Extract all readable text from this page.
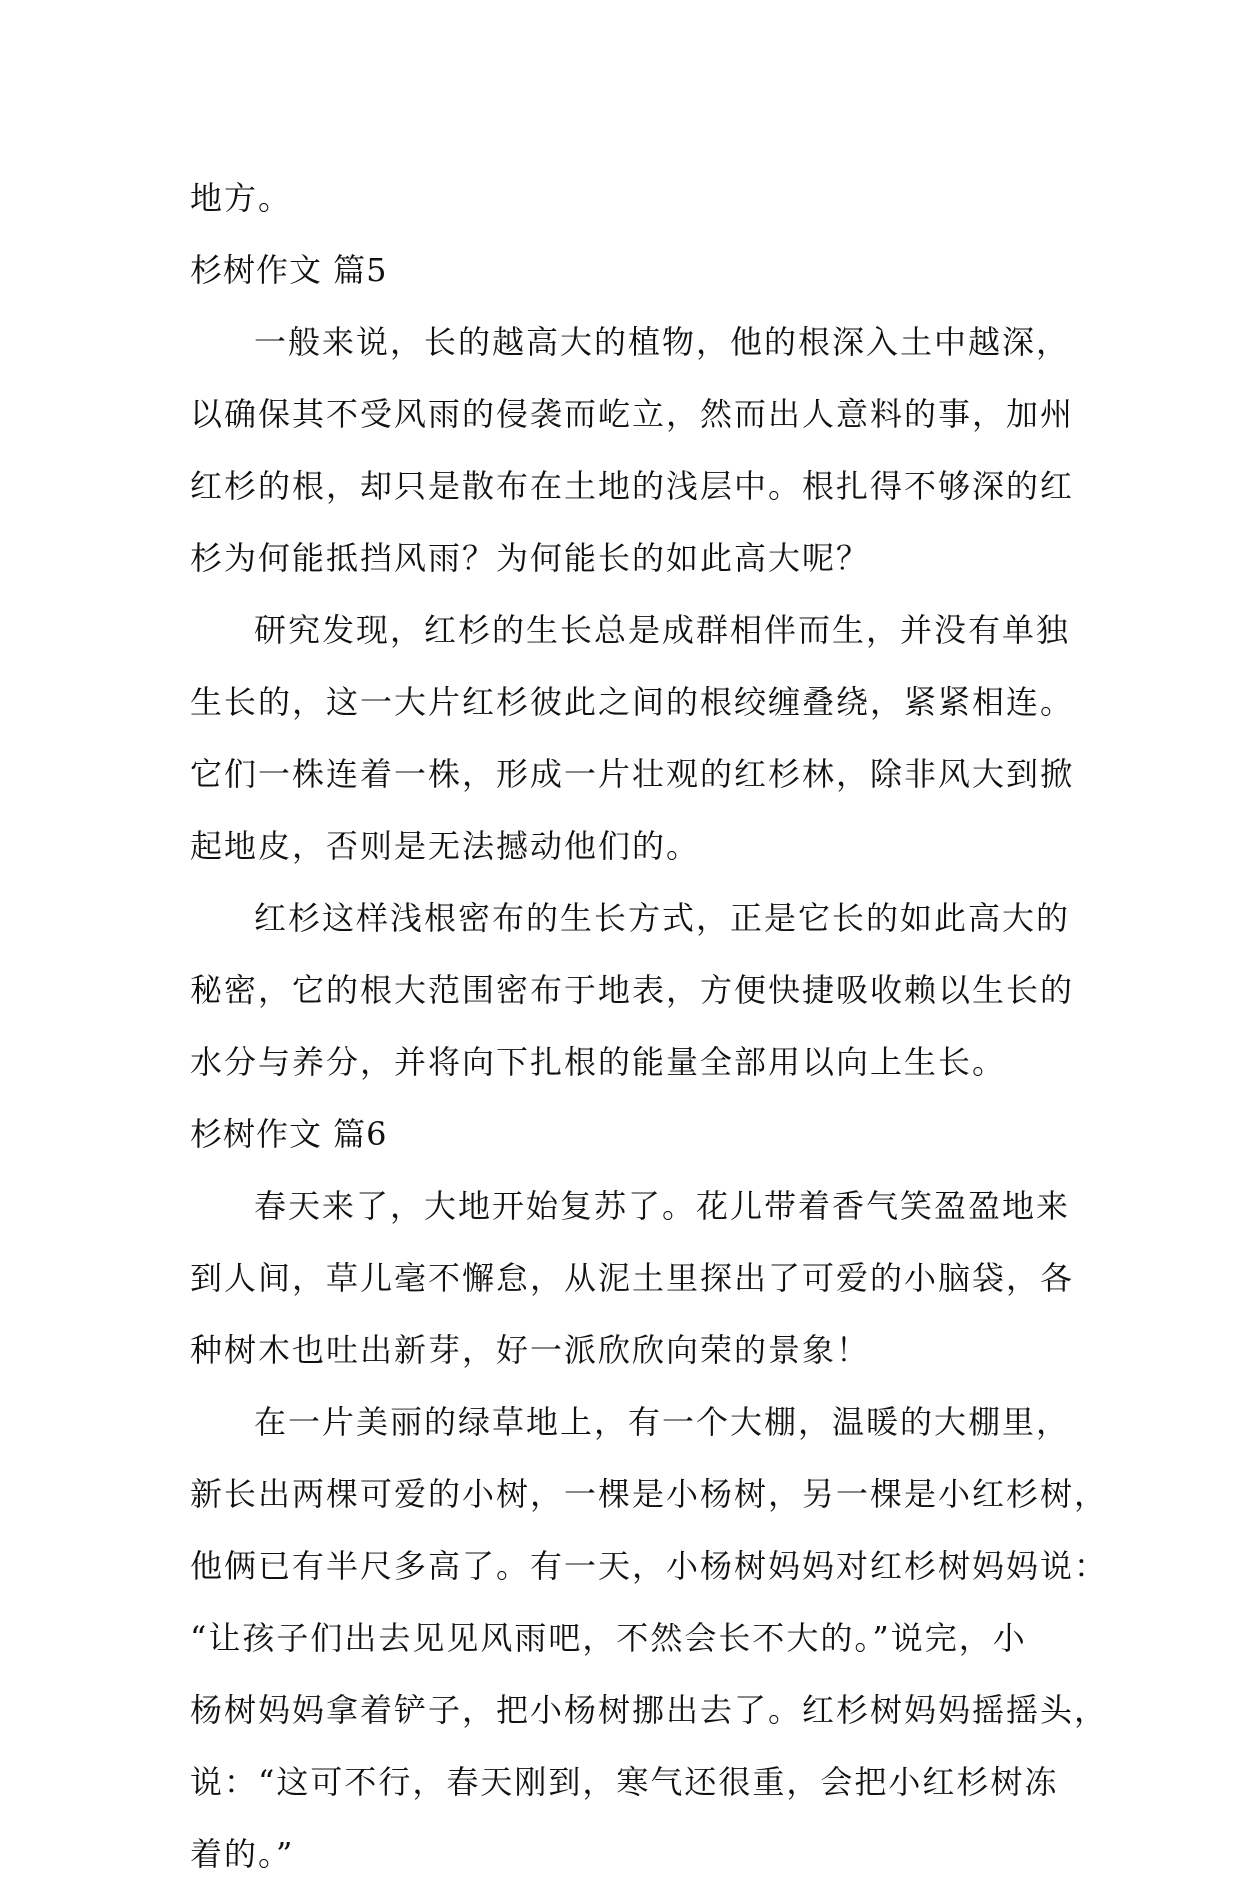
地方。
杉树作文 篇5
一般来说，长的越高大的植物，他的根深入土中越深，
以确保其不受风雨的侵袭而屹立，然而出人意料的事，加州
红杉的根，却只是散布在土地的浅层中。根扎得不够深的红
杉为何能抵挡风雨？为何能长的如此高大呢？
研究发现，红杉的生长总是成群相伴而生，并没有单独
生长的，这一大片红杉彼此之间的根绞缠叠绕，紧紧相连。
它们一株连着一株，形成一片壮观的红杉林，除非风大到掀
起地皮，否则是无法撼动他们的。
红杉这样浅根密布的生长方式，正是它长的如此高大的
秘密，它的根大范围密布于地表，方便快捷吸收赖以生长的
水分与养分，并将向下扎根的能量全部用以向上生长。
杉树作文 篇6
春天来了，大地开始复苏了。花儿带着香气笑盈盈地来
到人间，草儿毫不懈怠，从泥土里探出了可爱的小脑袋，各
种树木也吐出新芽，好一派欣欣向荣的景象！
在一片美丽的绿草地上，有一个大棚，温暖的大棚里，
新长出两棵可爱的小树，一棵是小杨树，另一棵是小红杉树，
他俩已有半尺多高了。有一天，小杨树妈妈对红杉树妈妈说：
“让孩子们出去见见风雨吧，不然会长不大的。”说完，小
杨树妈妈拿着铲子，把小杨树挪出去了。红杉树妈妈摇摇头，
说：“这可不行，春天刚到，寒气还很重，会把小红杉树冻
着的。”
